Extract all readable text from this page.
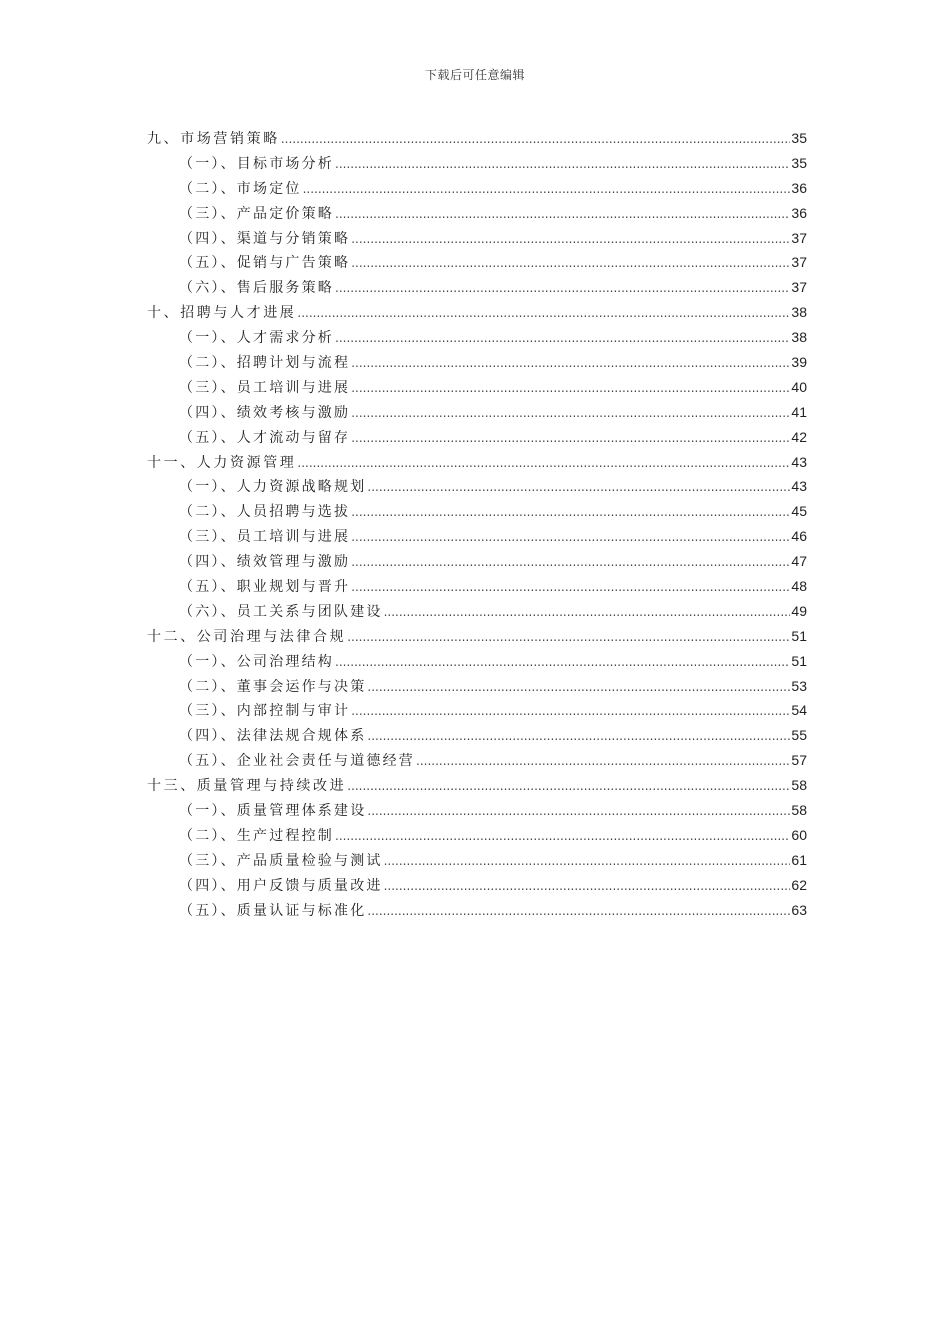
下载后可任意编辑
九、市场营销策略 .....	35
（一）、目标市场分析 .....	35
（二）、市场定位 .....	36
（三）、产品定价策略 .....	36
（四）、渠道与分销策略 .....	37
（五）、促销与广告策略 .....	37
（六）、售后服务策略 .....	37
十、招聘与人才进展 .....	38
（一）、人才需求分析 .....	38
（二）、招聘计划与流程 .....	39
（三）、员工培训与进展 .....	40
（四）、绩效考核与激励 .....	41
（五）、人才流动与留存 .....	42
十一、人力资源管理 .....	43
（一）、人力资源战略规划 .....	43
（二）、人员招聘与选拔 .....	45
（三）、员工培训与进展 .....	46
（四）、绩效管理与激励 .....	47
（五）、职业规划与晋升 .....	48
（六）、员工关系与团队建设 .....	49
十二、公司治理与法律合规 .....	51
（一）、公司治理结构 .....	51
（二）、董事会运作与决策 .....	53
（三）、内部控制与审计 .....	54
（四）、法律法规合规体系 .....	55
（五）、企业社会责任与道德经营 .....	57
十三、质量管理与持续改进 .....	58
（一）、质量管理体系建设 .....	58
（二）、生产过程控制 .....	60
（三）、产品质量检验与测试 .....	61
（四）、用户反馈与质量改进 .....	62
（五）、质量认证与标准化 .....	63
